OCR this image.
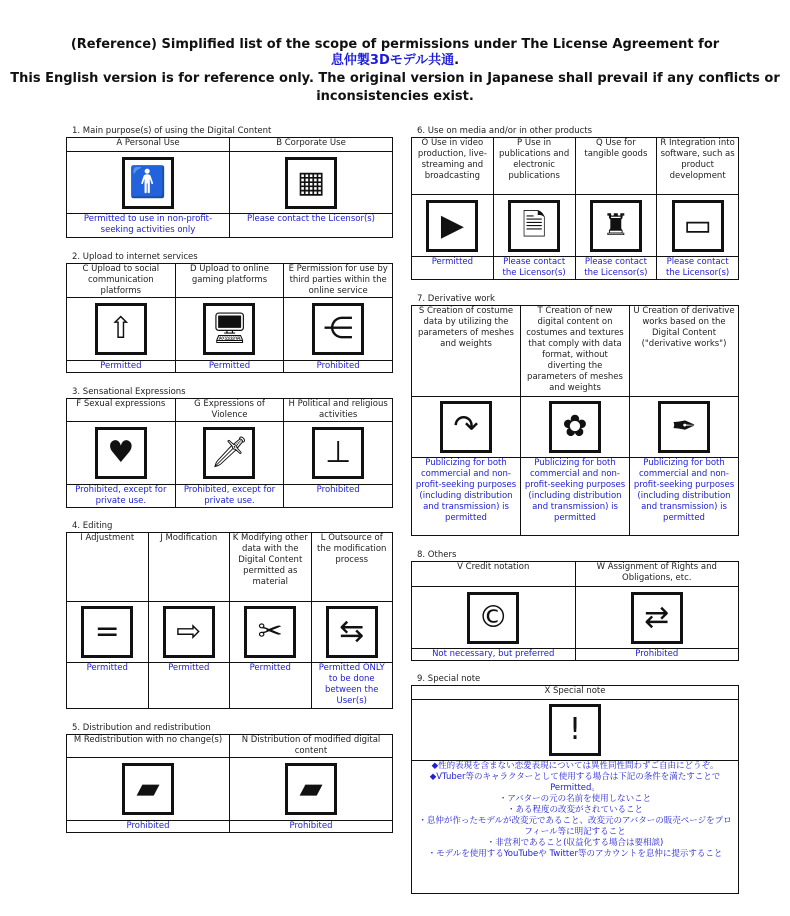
(Reference) Simplified list of the scope of permissions under The License Agreement for
息仲製3Dモデル共通.
This English version is for reference only. The original version in Japanese shall prevail if any conflicts or
inconsistencies exist.
1. Main purpose(s) of using the Digital Content
A Personal Use	B Corporate Use
🚹	▦
Permitted to use in non-profit-seeking activities only	Please contact the Licensor(s)
2. Upload to internet services
C Upload to social communication platforms	D Upload to online gaming platforms	E Permission for use by third parties within the online service
⇧	🖥	⋲
Permitted	Permitted	Prohibited
3. Sensational Expressions
F Sexual expressions	G Expressions of Violence	H Political and religious activities
♥	🗡	⊥
Prohibited, except for private use.	Prohibited, except for private use.	Prohibited
4. Editing
I Adjustment	J Modification	K Modifying other data with the Digital Content permitted as material	L Outsource of the modification process
=	⇨	✂	⇆
Permitted	Permitted	Permitted	Permitted ONLY to be done between the User(s)
5. Distribution and redistribution
M Redistribution with no change(s)	N Distribution of modified digital content
▰	▰
Prohibited	Prohibited
6. Use on media and/or in other products
O Use in video production, live-streaming and broadcasting	P Use in publications and electronic publications	Q Use for tangible goods	R Integration into software, such as product development
▶	🗎	♜	▭
Permitted	Please contact the Licensor(s)	Please contact the Licensor(s)	Please contact the Licensor(s)
7. Derivative work
S Creation of costume data by utilizing the parameters of meshes and weights	T Creation of new digital content on costumes and textures that comply with data format, without diverting the parameters of meshes and weights	U Creation of derivative works based on the Digital Content ("derivative works")
↷	✿	✒
Publicizing for both commercial and non-profit-seeking purposes (including distribution and transmission) is permitted	Publicizing for both commercial and non-profit-seeking purposes (including distribution and transmission) is permitted	Publicizing for both commercial and non-profit-seeking purposes (including distribution and transmission) is permitted
8. Others
V Credit notation	W Assignment of Rights and Obligations, etc.
©	⇄
Not necessary, but preferred	Prohibited
9. Special note
X Special note
!

◆性的表現を含まない恋愛表現については異性同性問わずご自由にどうぞ。
◆VTuber等のキャラクターとして使用する場合は下記の条件を満たすことでPermitted。
・アバターの元の名前を使用しないこと
・ある程度の改変がされていること
・息仲が作ったモデルが改変元であること、改変元のアバターの販売ページをプロフィール等に明記すること
・非営利であること(収益化する場合は要相談)
・モデルを使用するYouTubeや Twitter等のアカウントを息仲に提示すること
